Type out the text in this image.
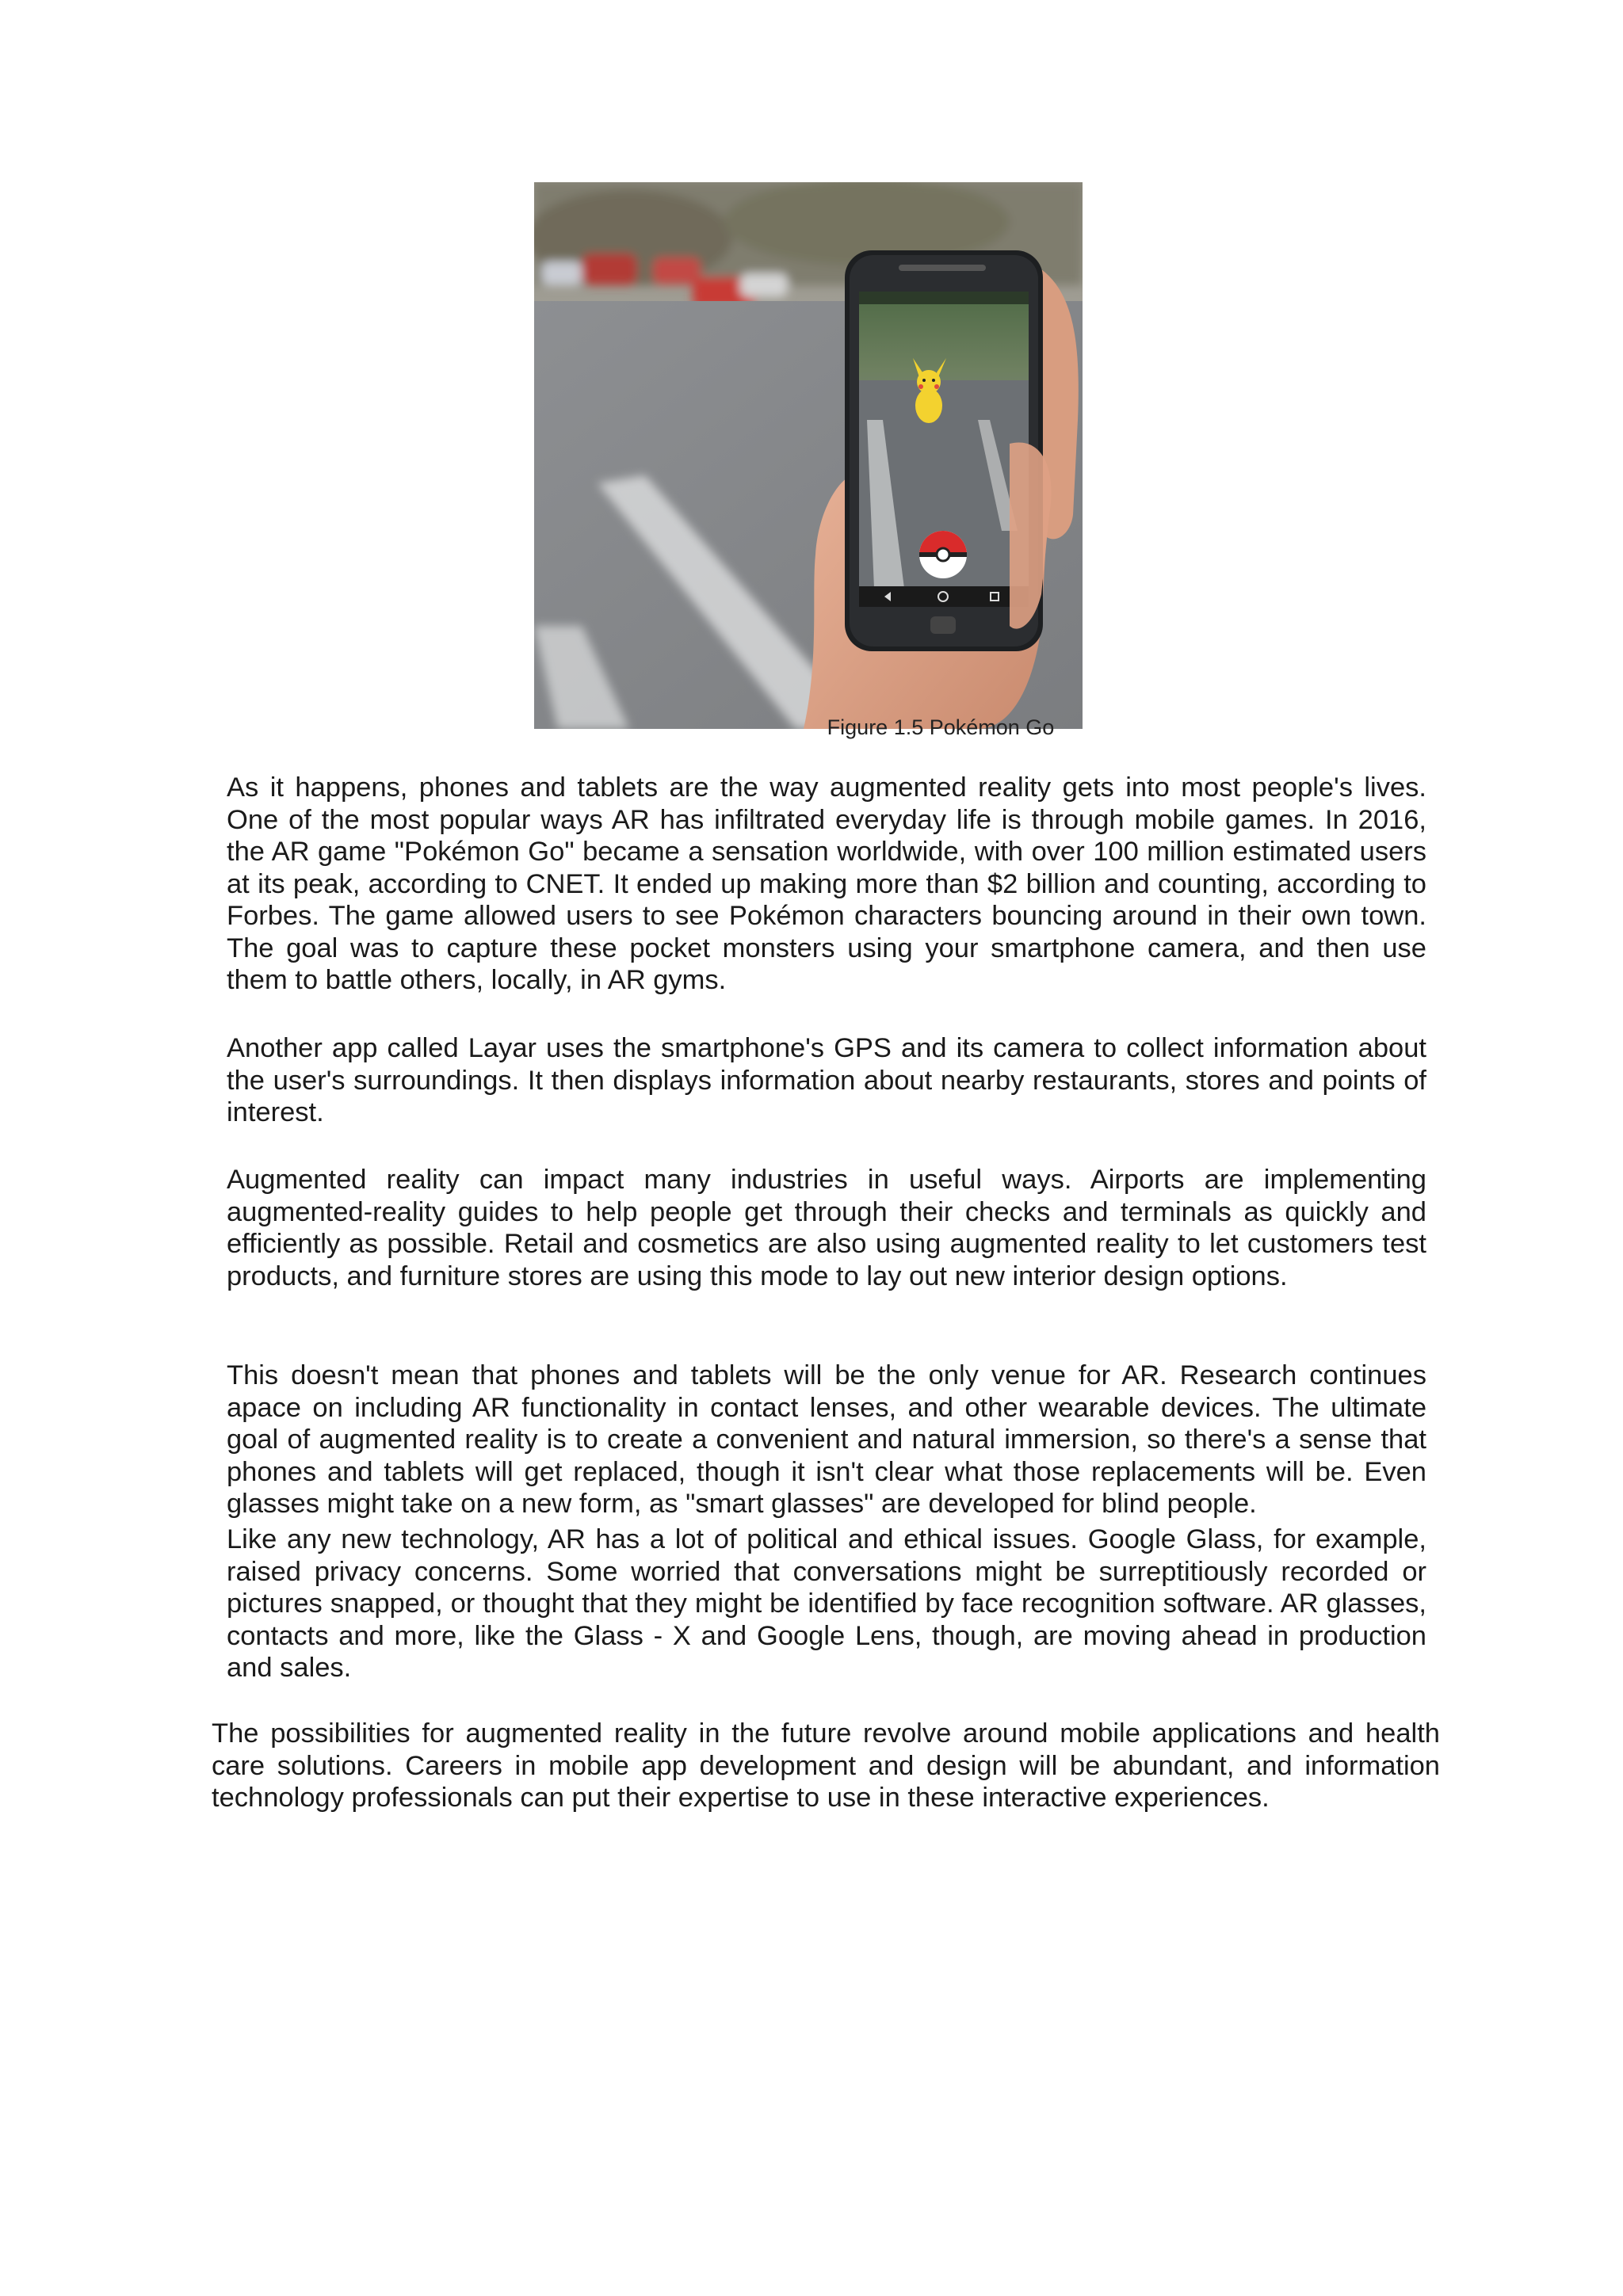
Figure 1.5 Pokémon Go

As it happens, phones and tablets are the way augmented reality gets into most people's lives. One of the most popular ways AR has infiltrated everyday life is through mobile games. In 2016, the AR game "Pokémon Go" became a sensation worldwide, with over 100 million estimated users at its peak, according to CNET. It ended up making more than $2 billion and counting, according to Forbes. The game allowed users to see Pokémon characters bouncing around in their own town. The goal was to capture these pocket monsters using your smartphone camera, and then use them to battle others, locally, in AR gyms.

Another app called Layar uses the smartphone's GPS and its camera to collect information about the user's surroundings. It then displays information about nearby restaurants, stores and points of interest.

Augmented reality can impact many industries in useful ways. Airports are implementing augmented-reality guides to help people get through their checks and terminals as quickly and efficiently as possible. Retail and cosmetics are also using augmented reality to let customers test products, and furniture stores are using this mode to lay out new interior design options.

This doesn't mean that phones and tablets will be the only venue for AR. Research continues apace on including AR functionality in contact lenses, and other wearable devices. The ultimate goal of augmented reality is to create a convenient and natural immersion, so there's a sense that phones and tablets will get replaced, though it isn't clear what those replacements will be. Even glasses might take on a new form, as "smart glasses" are developed for blind people.

Like any new technology, AR has a lot of political and ethical issues. Google Glass, for example, raised privacy concerns. Some worried that conversations might be surreptitiously recorded or pictures snapped, or thought that they might be identified by face recognition software. AR glasses, contacts and more, like the Glass - X and Google Lens, though, are moving ahead in production and sales.

The possibilities for augmented reality in the future revolve around mobile applications and health care solutions. Careers in mobile app development and design will be abundant, and information technology professionals can put their expertise to use in these interactive experiences.
